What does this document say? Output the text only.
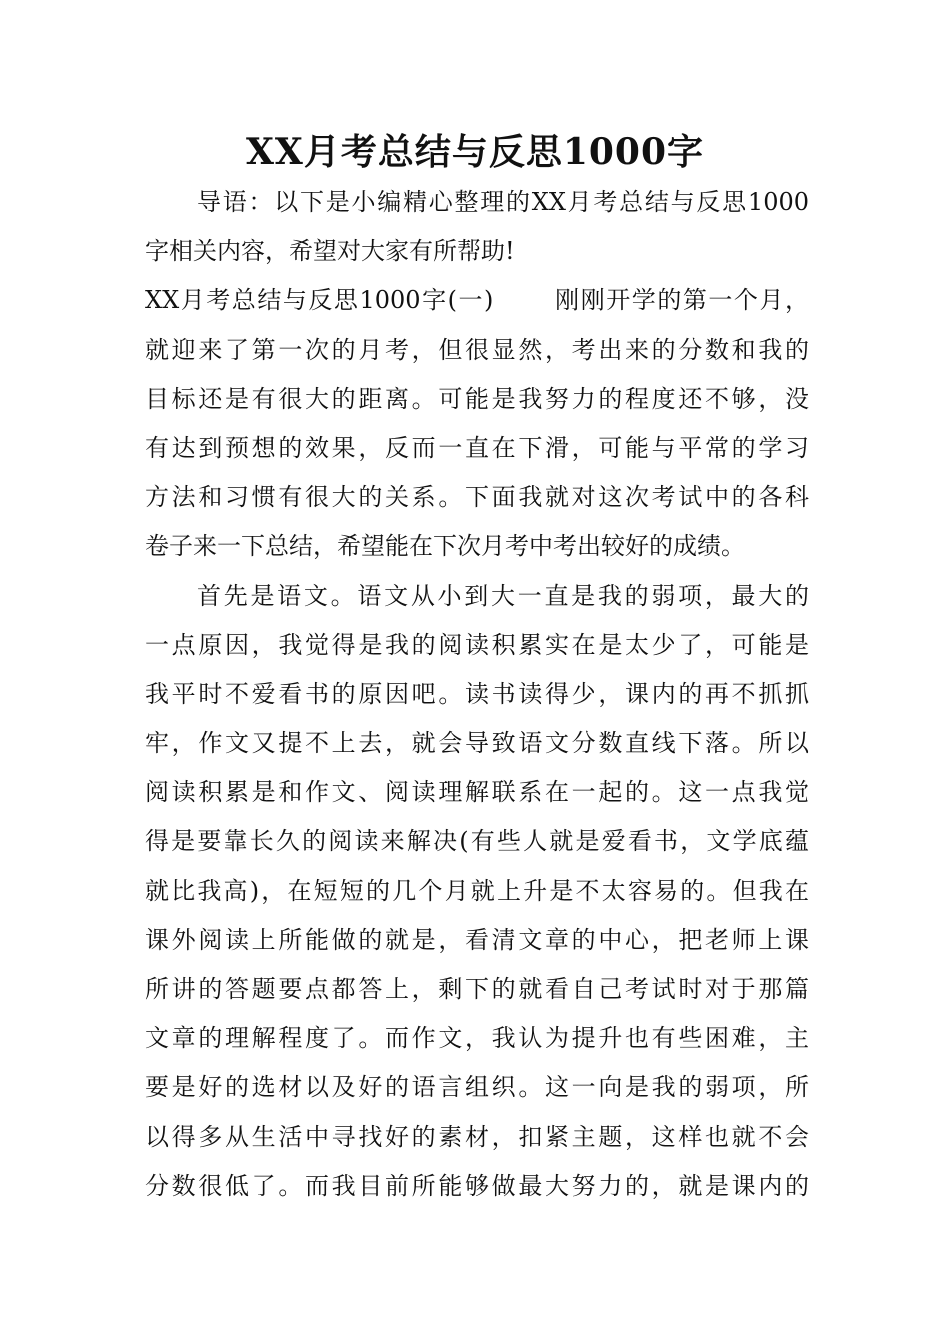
XX月考总结与反思1000字
导语：以下是小编精心整理的XX月考总结与反思1000
字相关内容，希望对大家有所帮助!
XX月考总结与反思1000字(一)　　 刚刚开学的第一个月，
就迎来了第一次的月考，但很显然，考出来的分数和我的
目标还是有很大的距离。可能是我努力的程度还不够，没
有达到预想的效果，反而一直在下滑，可能与平常的学习
方法和习惯有很大的关系。下面我就对这次考试中的各科
卷子来一下总结，希望能在下次月考中考出较好的成绩。
首先是语文。语文从小到大一直是我的弱项，最大的
一点原因，我觉得是我的阅读积累实在是太少了，可能是
我平时不爱看书的原因吧。读书读得少，课内的再不抓抓
牢，作文又提不上去，就会导致语文分数直线下落。所以
阅读积累是和作文、阅读理解联系在一起的。这一点我觉
得是要靠长久的阅读来解决(有些人就是爱看书，文学底蕴
就比我高)，在短短的几个月就上升是不太容易的。但我在
课外阅读上所能做的就是，看清文章的中心，把老师上课
所讲的答题要点都答上，剩下的就看自己考试时对于那篇
文章的理解程度了。而作文，我认为提升也有些困难，主
要是好的选材以及好的语言组织。这一向是我的弱项，所
以得多从生活中寻找好的素材，扣紧主题，这样也就不会
分数很低了。而我目前所能够做最大努力的，就是课内的
